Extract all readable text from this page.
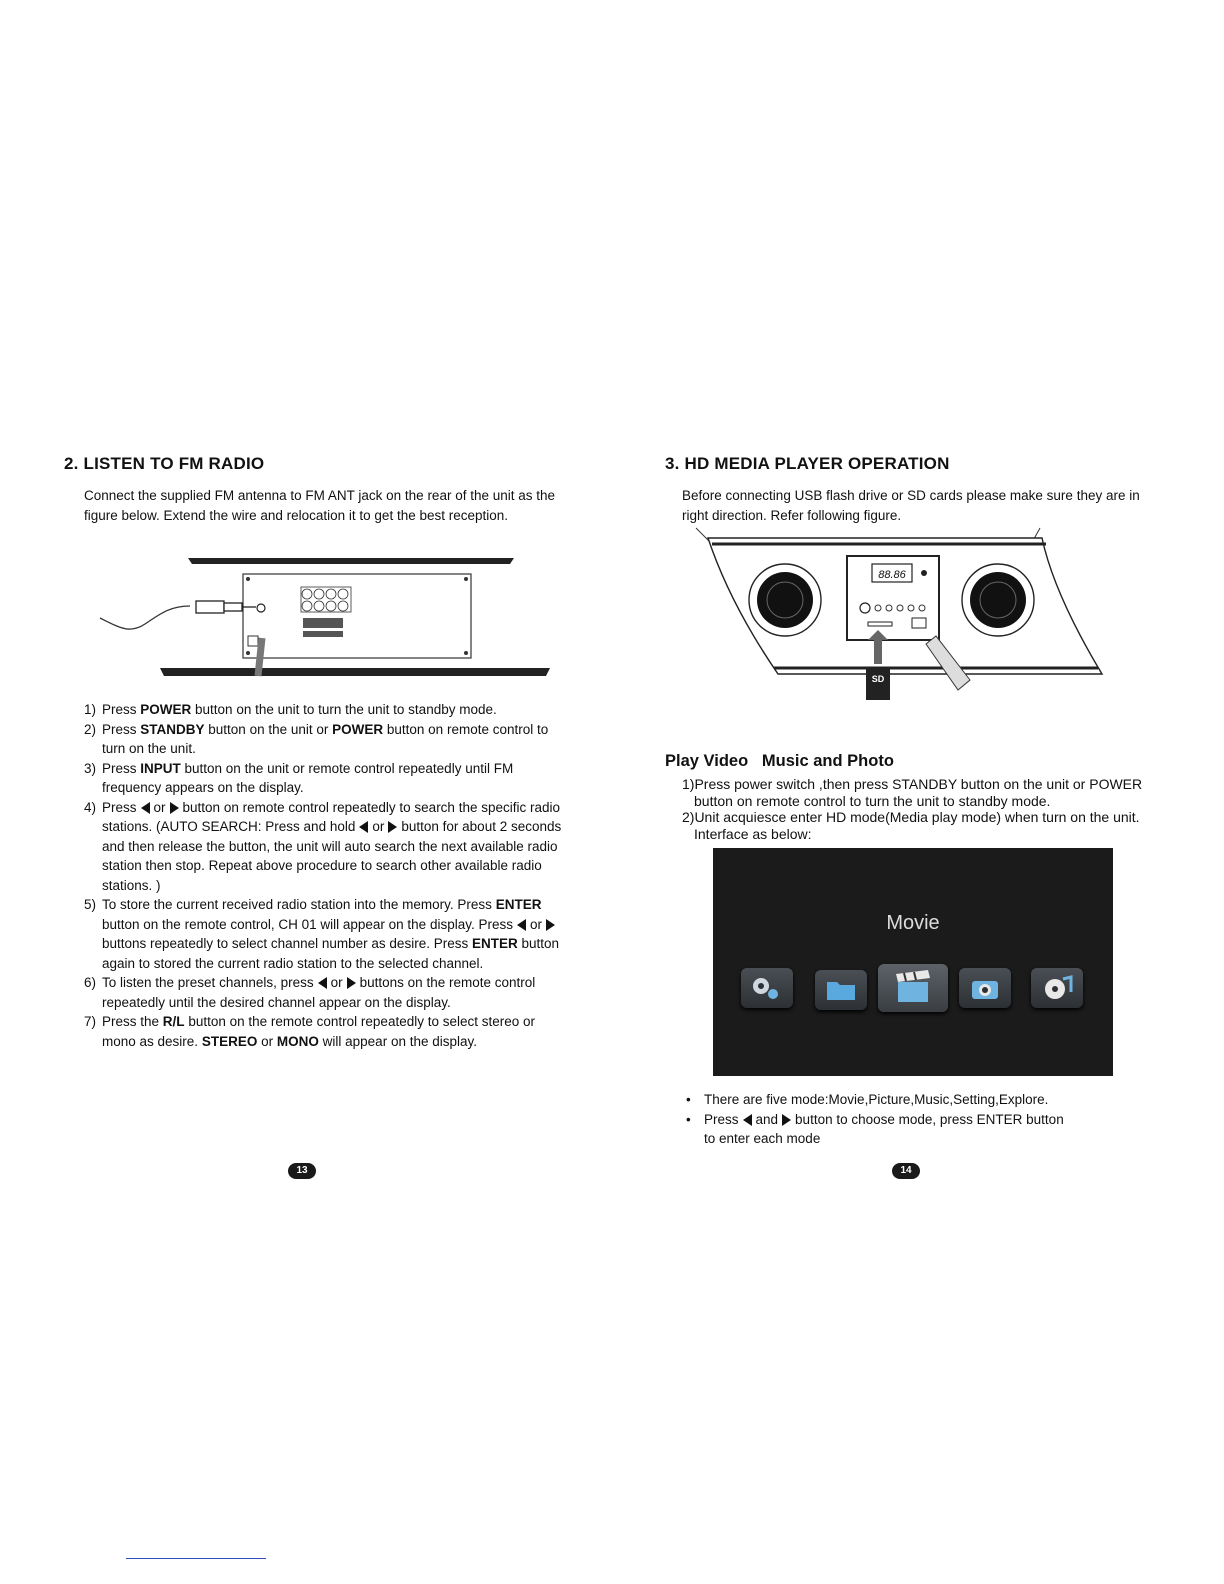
2. LISTEN TO FM RADIO
Connect the supplied FM antenna to FM ANT jack on the rear of the unit as the figure below. Extend the wire and relocation it to get the best reception.
1) Press POWER button on the unit to turn the unit to standby mode.
2) Press STANDBY button on the unit or POWER button on remote control to turn on the unit.
3) Press INPUT button on the unit or remote control repeatedly until FM frequency appears on the display.
4) Press or button on remote control repeatedly to search the specific radio stations. (AUTO SEARCH: Press and hold or button for about 2 seconds and then release the button, the unit will auto search the next available radio station then stop. Repeat above procedure to search other available radio stations. )
5) To store the current received radio station into the memory. Press ENTER button on the remote control, CH 01 will appear on the display. Press orbuttons repeatedly to select channel number as desire. Press ENTER button again to stored the current radio station to the selected channel.
6) To listen the preset channels, press or buttons on the remote control repeatedly until the desired channel appear on the display.
7) Press the R/L button on the remote control repeatedly to select stereo or mono as desire. STEREO or MONO will appear on the display.
13
3. HD MEDIA PLAYER OPERATION
Before connecting USB flash drive or SD cards please make sure they are in right direction. Refer following figure.
88.86
SD
Play Video   Music and Photo
1)Press power switch ,then press STANDBY button on the unit or POWER
button on remote control to turn the unit to standby mode.
2)Unit acquiesce enter HD mode(Media play mode) when turn on the unit.
Interface as below:
Movie
• There are five mode:Movie,Picture,Music,Setting,Explore.
• Press and button to choose mode, press ENTER button
to enter each mode
14
